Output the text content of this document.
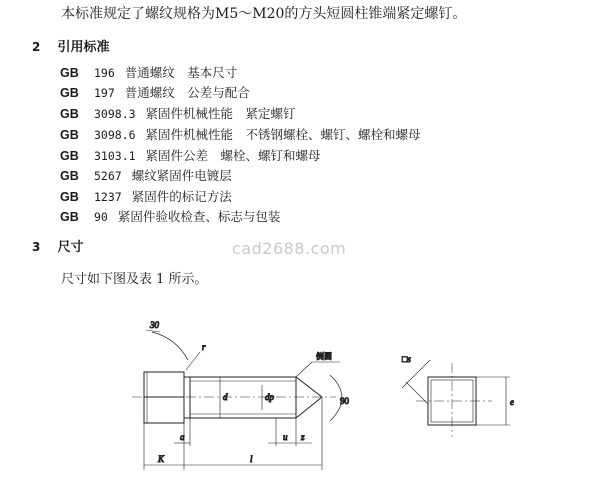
本标准规定了螺纹规格为M5～M20的方头短圆柱锥端紧定螺钉。
2 引用标准
GB 196 普通螺纹　基本尺寸
GB 197 普通螺纹　公差与配合
GB 3098.3 紧固件机械性能　紧定螺钉
GB 3098.6 紧固件机械性能　不锈钢螺栓、螺钉、螺栓和螺母
GB 3103.1 紧固件公差　螺栓、螺钉和螺母
GB 5267 螺纹紧固件电镀层
GB 1237 紧固件的标记方法
GB 90 紧固件验收检查、标志与包装
3 尺寸	cad2688.com
尺寸如下图及表 1 所示。
30
r
倒圆
d	dp	90
a	u z
K	l
□s
e
